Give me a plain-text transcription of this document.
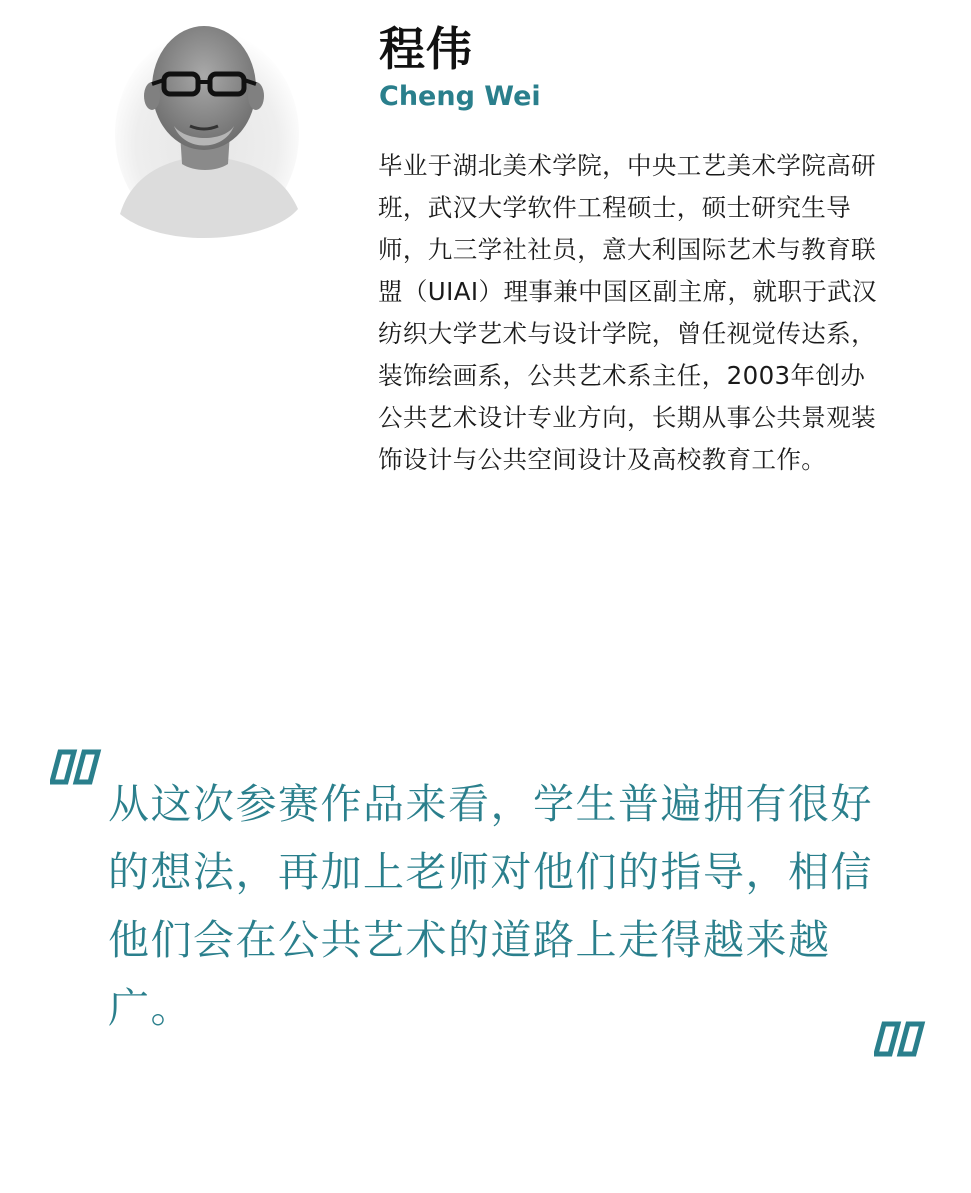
程伟
Cheng Wei
毕业于湖北美术学院，中央工艺美术学院高研班，武汉大学软件工程硕士，硕士研究生导师，九三学社社员，意大利国际艺术与教育联盟（UIAI）理事兼中国区副主席，就职于武汉纺织大学艺术与设计学院，曾任视觉传达系，装饰绘画系，公共艺术系主任，2003年创办公共艺术设计专业方向，长期从事公共景观装饰设计与公共空间设计及高校教育工作。
从这次参赛作品来看，学生普遍拥有很好的想法，再加上老师对他们的指导，相信他们会在公共艺术的道路上走得越来越广。
